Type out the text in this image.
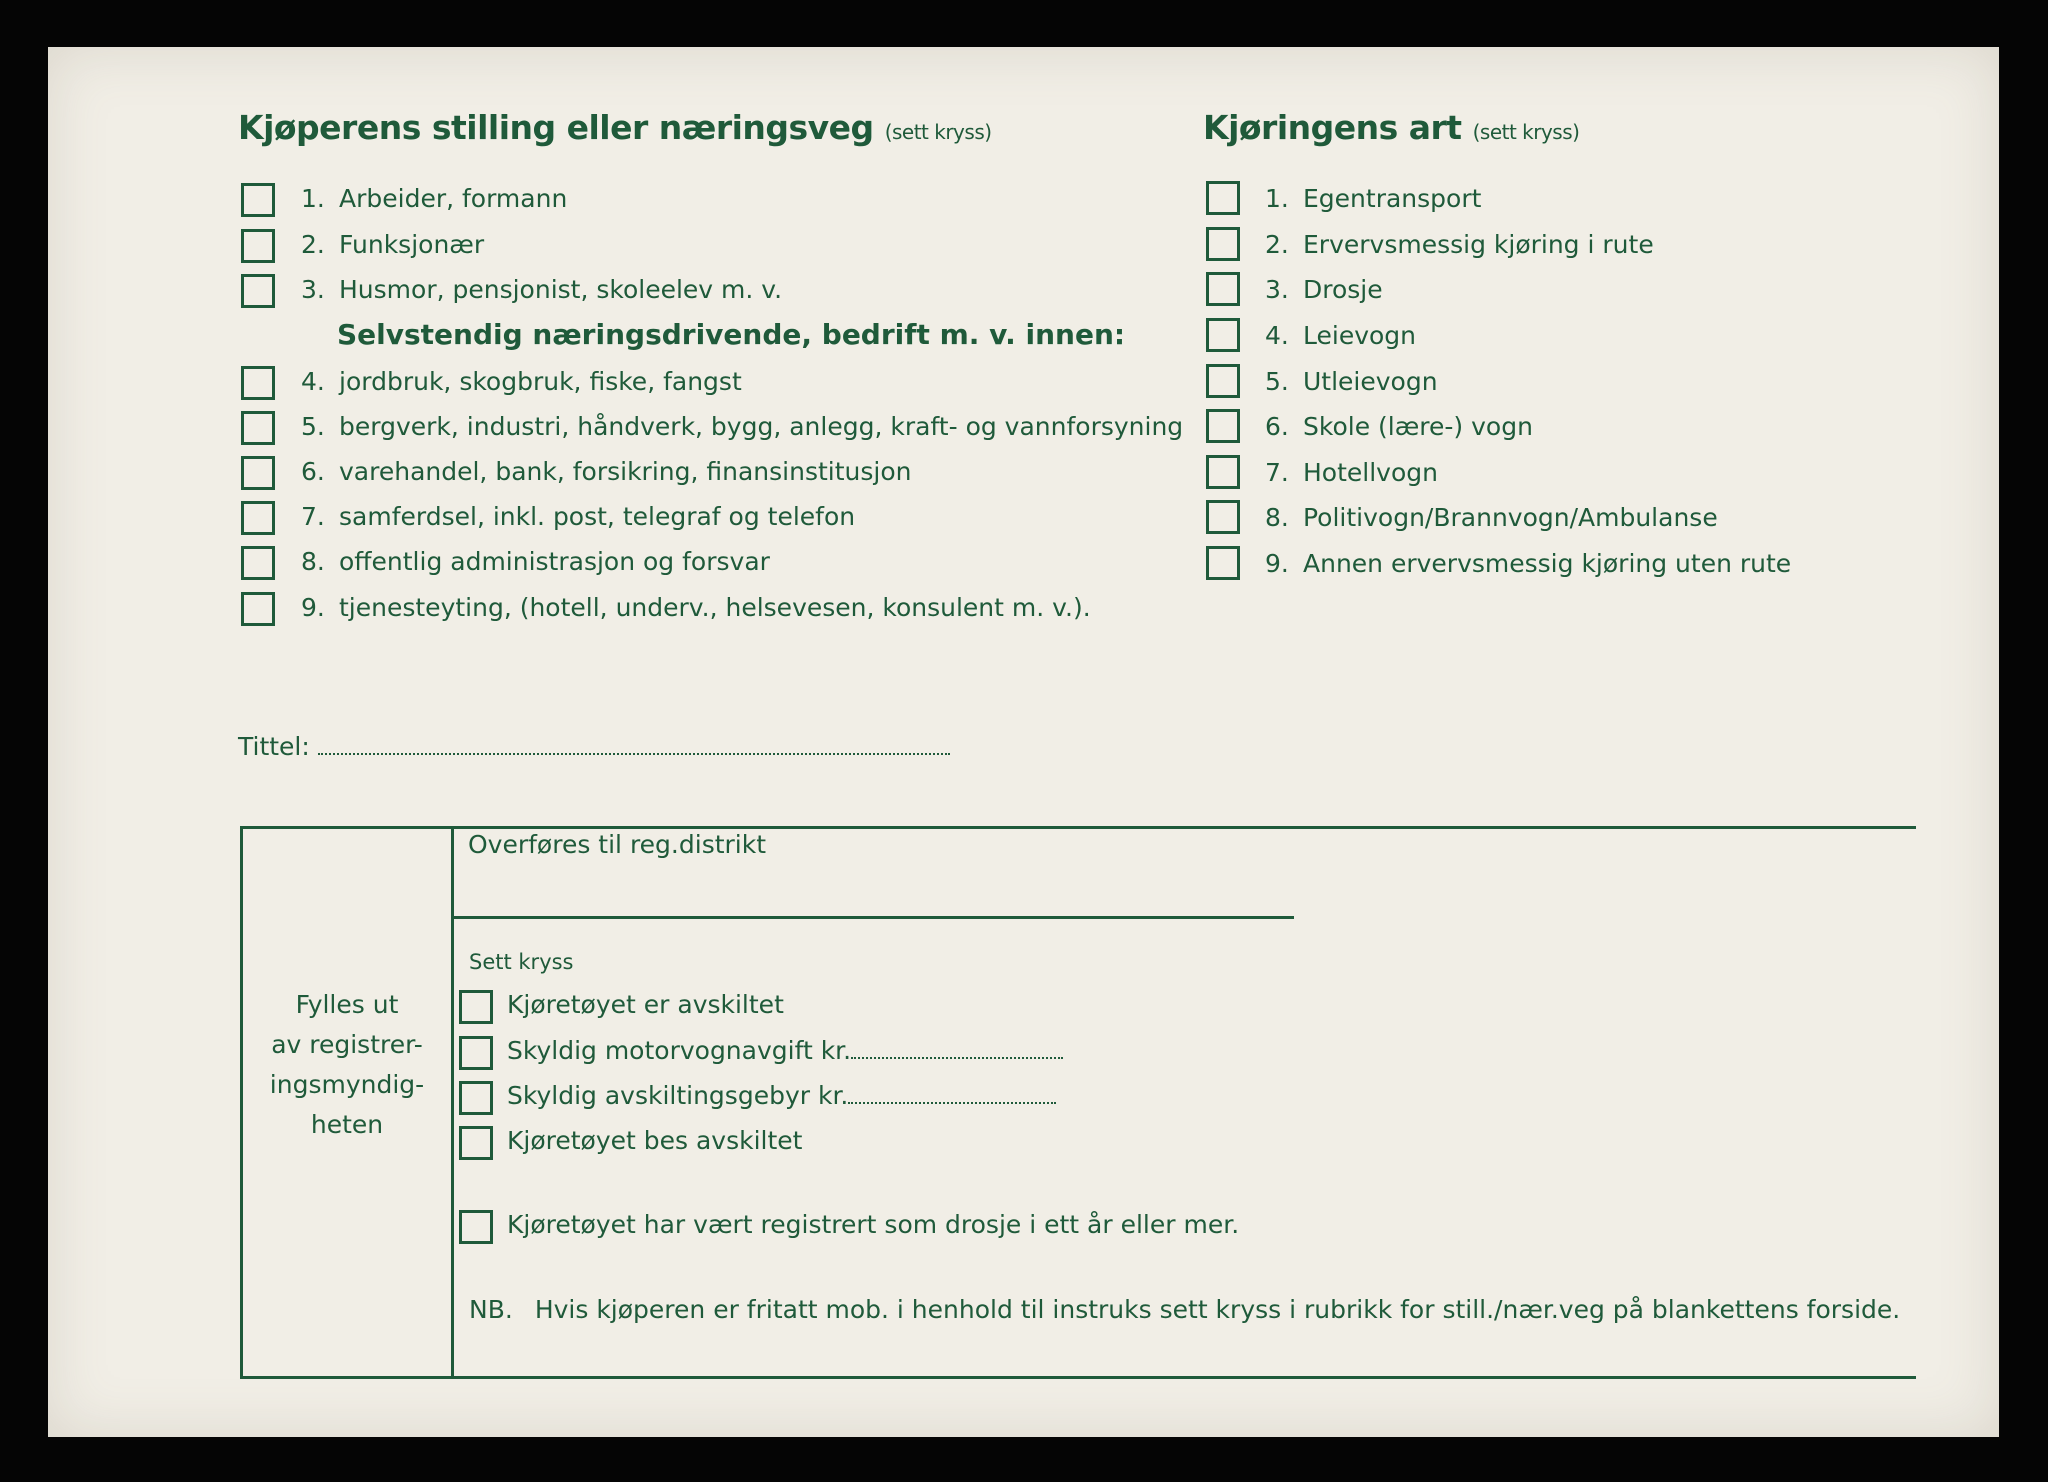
Kjøperens stilling eller næringsveg (sett kryss)	Kjøringens art (sett kryss)
1. Arbeider, formann
2. Funksjonær
3. Husmor, pensjonist, skoleelev m. v.
Selvstendig næringsdrivende, bedrift m. v. innen:
4. jordbruk, skogbruk, fiske, fangst
5. bergverk, industri, håndverk, bygg, anlegg, kraft- og vannforsyning
6. varehandel, bank, forsikring, finansinstitusjon
7. samferdsel, inkl. post, telegraf og telefon
8. offentlig administrasjon og forsvar
9. tjenesteyting, (hotell, underv., helsevesen, konsulent m. v.).
1. Egentransport
2. Ervervsmessig kjøring i rute
3. Drosje
4. Leievogn
5. Utleievogn
6. Skole (lære-) vogn
7. Hotellvogn
8. Politivogn/Brannvogn/Ambulanse
9. Annen ervervsmessig kjøring uten rute
Tittel:
Fylles ut
av registrer-
ingsmyndig-
heten
Overføres til reg.distrikt
Sett kryss
Kjøretøyet er avskiltet
Skyldig motorvognavgift kr.
Skyldig avskiltingsgebyr kr.
Kjøretøyet bes avskiltet
Kjøretøyet har vært registrert som drosje i ett år eller mer.
NB. Hvis kjøperen er fritatt mob. i henhold til instruks sett kryss i rubrikk for still./nær.veg på blankettens forside.
